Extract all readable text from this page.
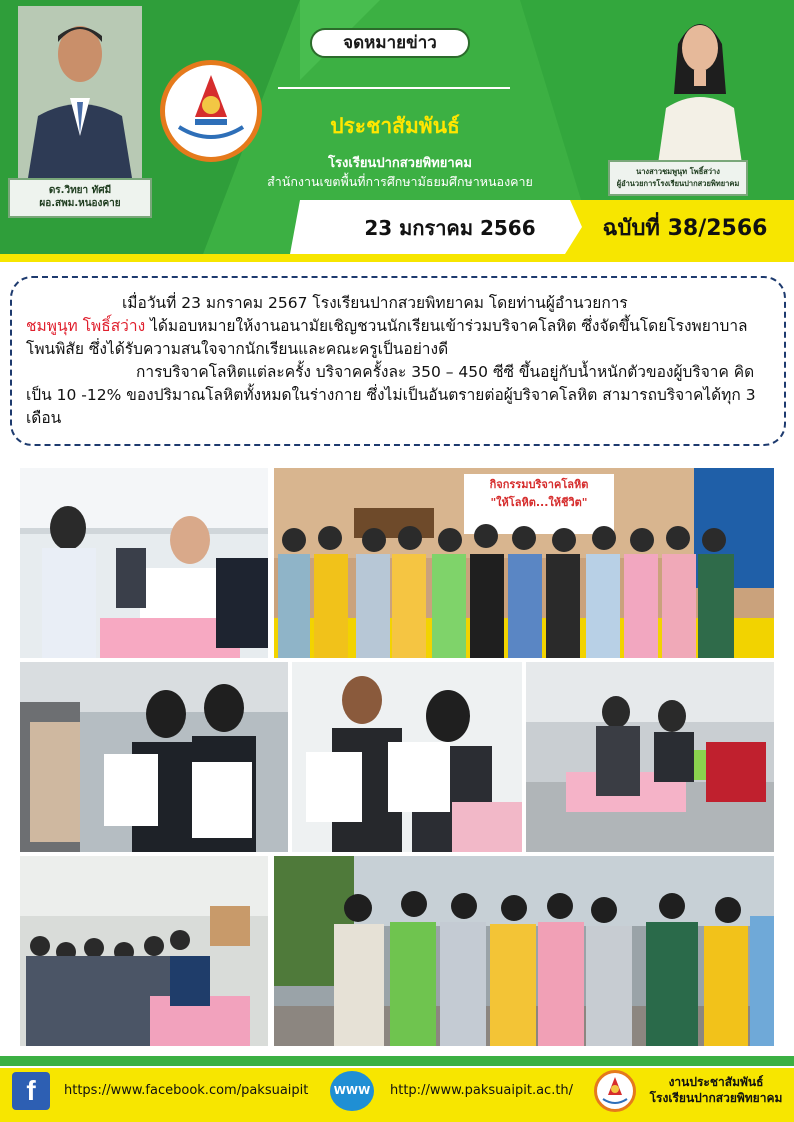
ดร.วิทยา ทัศมี
ผอ.สพม.หนองคาย
จดหมายข่าว
ประชาสัมพันธ์
โรงเรียนปากสวยพิทยาคม
สำนักงานเขตพื้นที่การศึกษามัธยมศึกษาหนองคาย
นางสาวชมพูนุท โพธิ์สว่าง
ผู้อำนวยการโรงเรียนปากสวยพิทยาคม
23 มกราคม 2566	ฉบับที่ 38/2566

เมื่อวันที่ 23 มกราคม 2567 โรงเรียนปากสวยพิทยาคม โดยท่านผู้อำนวยการ
ชมพูนุท โพธิ์สว่าง ได้มอบหมายให้งานอนามัยเชิญชวนนักเรียนเข้าร่วมบริจาคโลหิต ซึ่งจัดขึ้นโดยโรงพยาบาลโพนพิสัย ซึ่งได้รับความสนใจจากนักเรียนและคณะครูเป็นอย่างดี

การบริจาคโลหิตแต่ละครั้ง บริจาคครั้งละ 350 – 450 ซีซี ขึ้นอยู่กับน้ำหนักตัวของผู้บริจาค คิดเป็น 10 -12% ของปริมาณโลหิตทั้งหมดในร่างกาย ซึ่งไม่เป็นอันตรายต่อผู้บริจาคโลหิต สามารถบริจาคได้ทุก 3 เดือน

กิจกรรมบริจาคโลหิต
"ให้โลหิต...ให้ชีวิต"
f	https://www.facebook.com/paksuaipit	WWW http://www.paksuaipit.ac.th/
งานประชาสัมพันธ์
โรงเรียนปากสวยพิทยาคม
